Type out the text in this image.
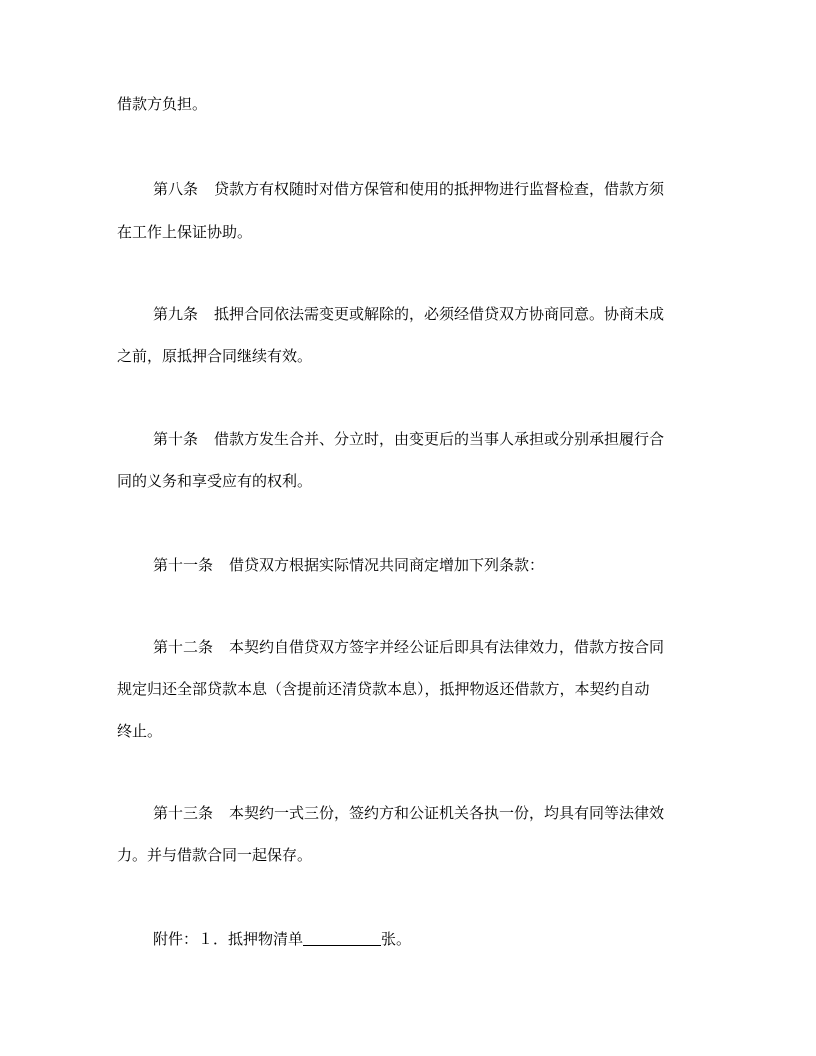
借款方负担。
第八条 贷款方有权随时对借方保管和使用的抵押物进行监督检查，借款方须
在工作上保证协助。
第九条 抵押合同依法需变更或解除的，必须经借贷双方协商同意。协商未成
之前，原抵押合同继续有效。
第十条 借款方发生合并、分立时，由变更后的当事人承担或分别承担履行合
同的义务和享受应有的权利。
第十一条 借贷双方根据实际情况共同商定增加下列条款：
第十二条 本契约自借贷双方签字并经公证后即具有法律效力，借款方按合同
规定归还全部贷款本息（含提前还清贷款本息），抵押物返还借款方，本契约自动
终止。
第十三条 本契约一式三份，签约方和公证机关各执一份，均具有同等法律效
力。并与借款合同一起保存。
附件：１．抵押物清单	张。
